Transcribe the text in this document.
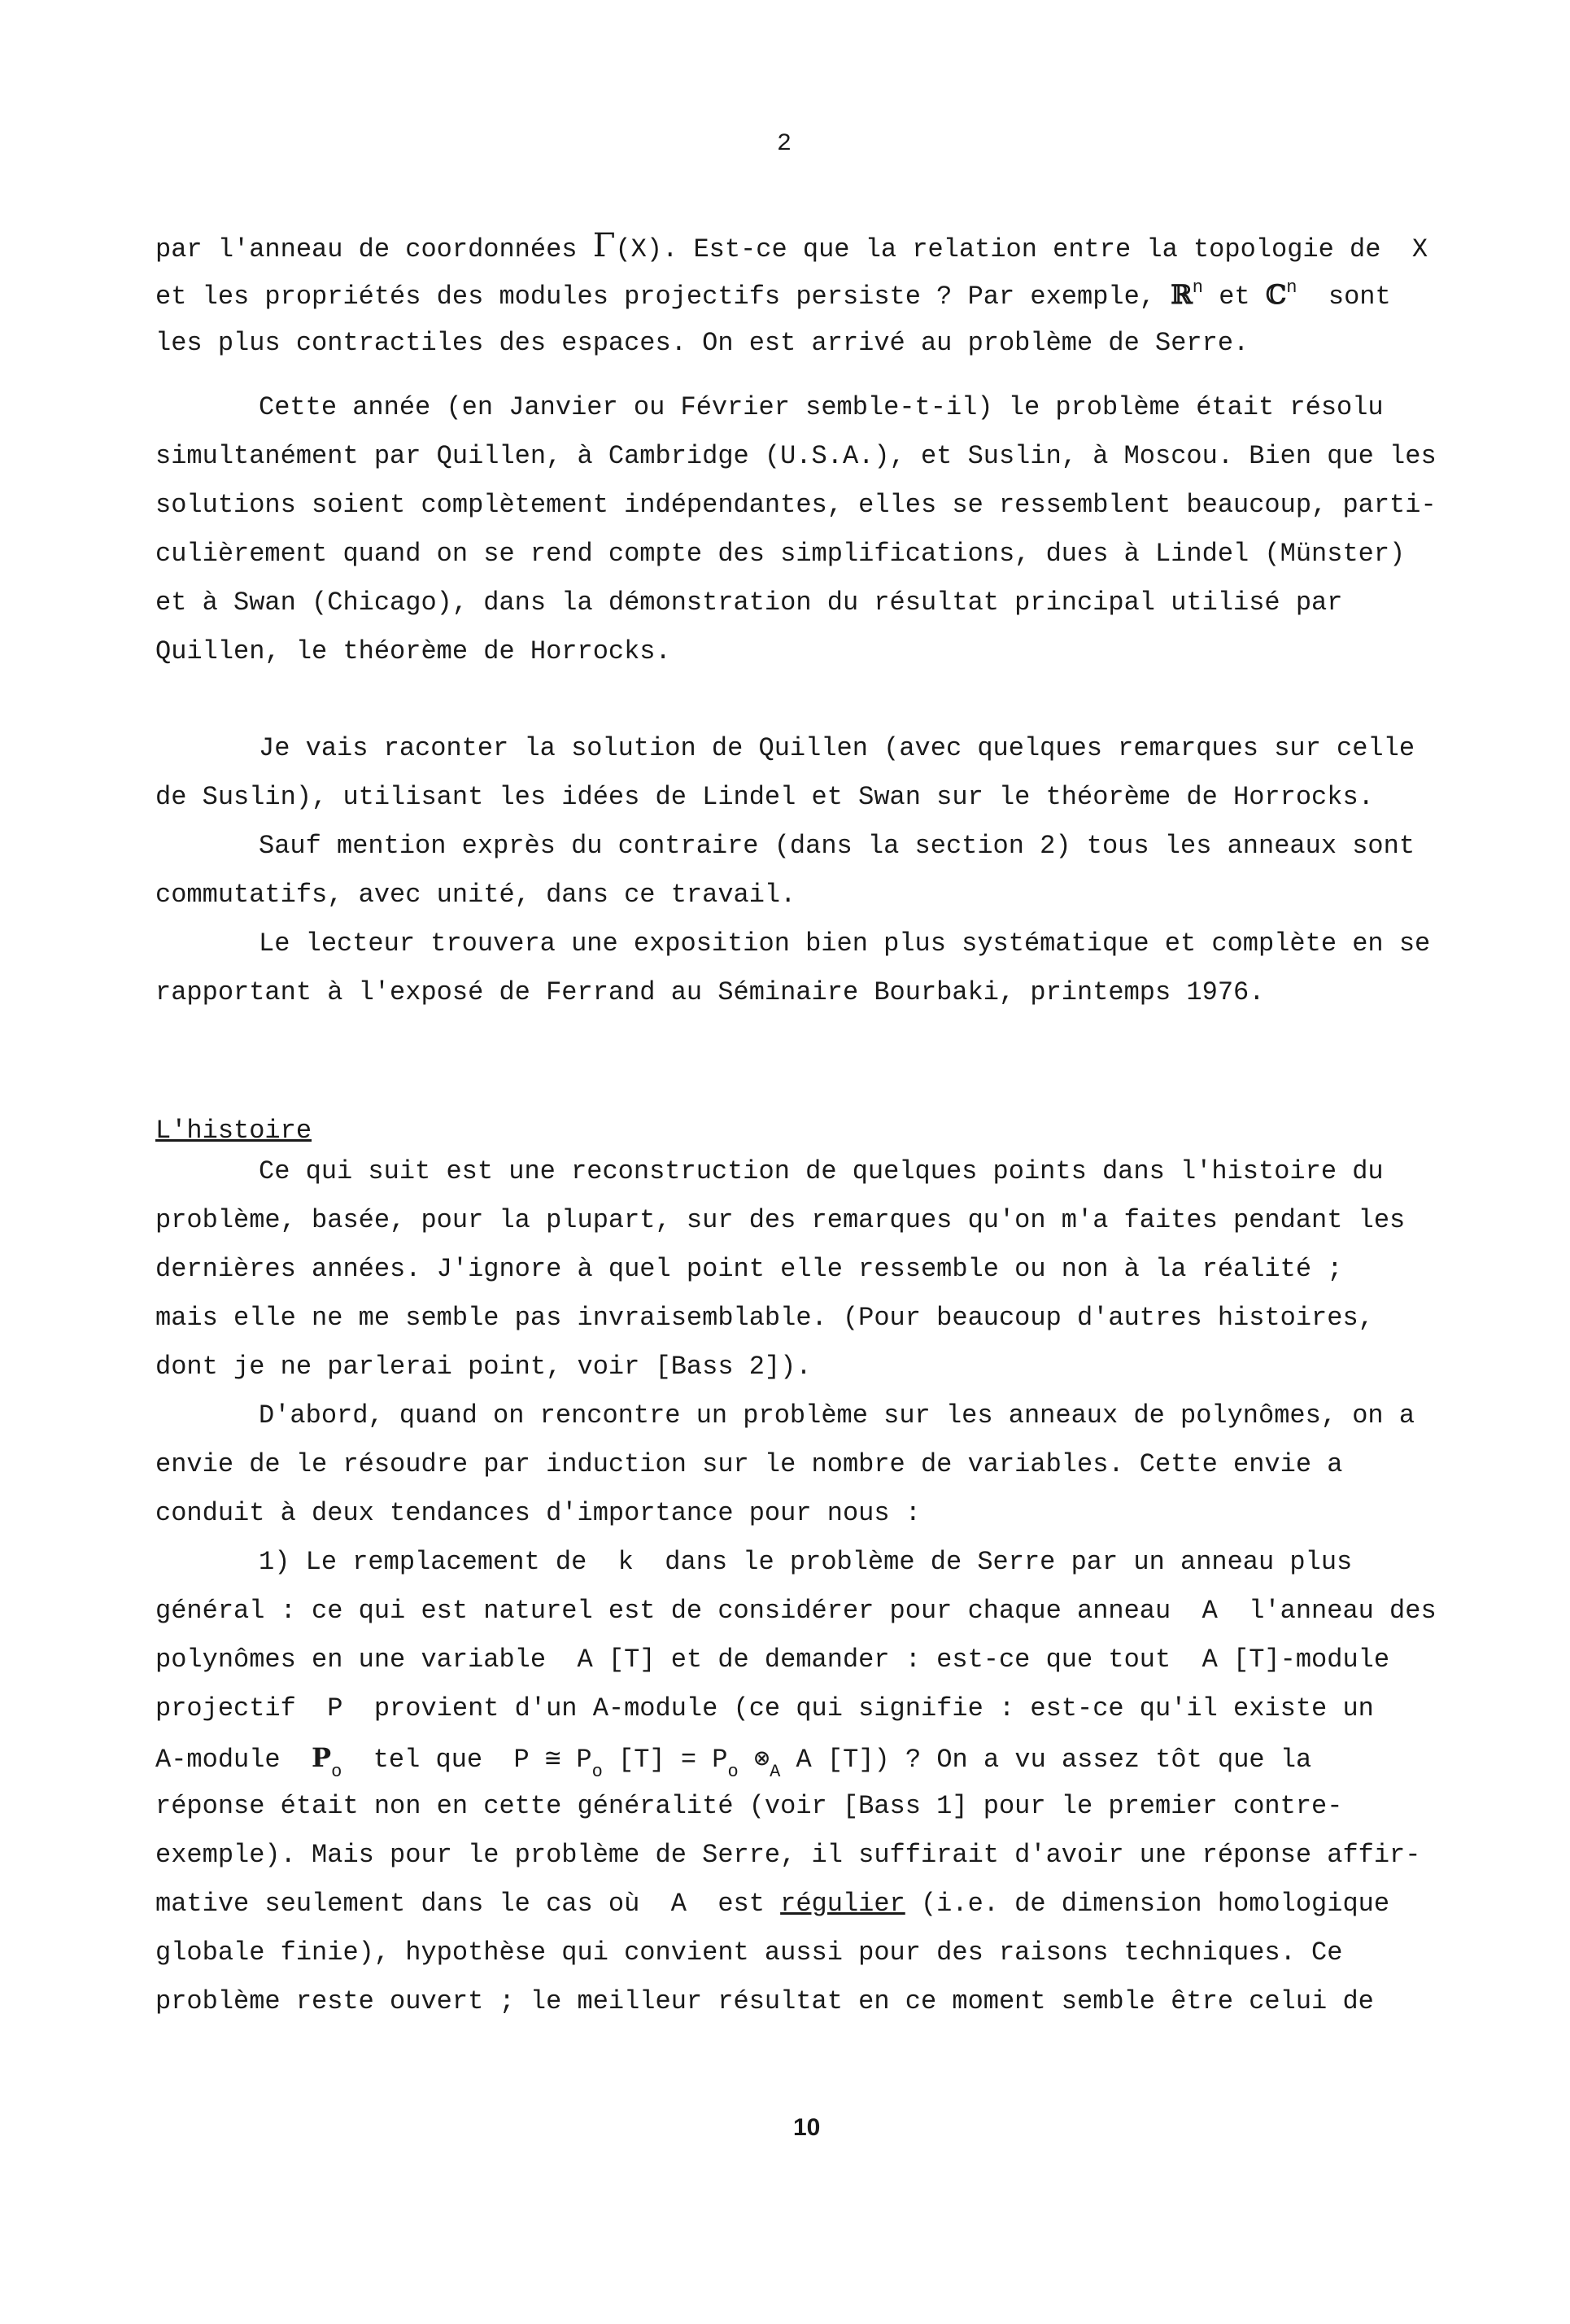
2
par l'anneau de coordonnées Γ(X). Est-ce que la relation entre la topologie de  X
et les propriétés des modules projectifs persiste ? Par exemple, ℝ$^n$ et ℂ$^n$  sont
les plus contractiles des espaces. On est arrivé au problème de Serre.
Cette année (en Janvier ou Février semble-t-il) le problème était résolu
simultanément par Quillen, à Cambridge (U.S.A.), et Suslin, à Moscou. Bien que les
solutions soient complètement indépendantes, elles se ressemblent beaucoup, parti-
culièrement quand on se rend compte des simplifications, dues à Lindel (Münster)
et à Swan (Chicago), dans la démonstration du résultat principal utilisé par
Quillen, le théorème de Horrocks.
Je vais raconter la solution de Quillen (avec quelques remarques sur celle
de Suslin), utilisant les idées de Lindel et Swan sur le théorème de Horrocks.
Sauf mention exprès du contraire (dans la section 2) tous les anneaux sont
commutatifs, avec unité, dans ce travail.
Le lecteur trouvera une exposition bien plus systématique et complète en se
rapportant à l'exposé de Ferrand au Séminaire Bourbaki, printemps 1976.
L'histoire
Ce qui suit est une reconstruction de quelques points dans l'histoire du
problème, basée, pour la plupart, sur des remarques qu'on m'a faites pendant les
dernières années. J'ignore à quel point elle ressemble ou non à la réalité ;
mais elle ne me semble pas invraisemblable. (Pour beaucoup d'autres histoires,
dont je ne parlerai point, voir [Bass 2]).
D'abord, quand on rencontre un problème sur les anneaux de polynômes, on a
envie de le résoudre par induction sur le nombre de variables. Cette envie a
conduit à deux tendances d'importance pour nous :
1) Le remplacement de  k  dans le problème de Serre par un anneau plus
général : ce qui est naturel est de considérer pour chaque anneau  A  l'anneau des
polynômes en une variable  A [T] et de demander : est-ce que tout  A [T]-module
projectif  P  provient d'un A-module (ce qui signifie : est-ce qu'il existe un
A-module  $P_o$  tel que  P ≅ $P_o$ $[T] = P_o$ $\otimes_A$ A [T]) ? On a vu assez tôt que la
réponse était non en cette généralité (voir [Bass 1] pour le premier contre-
exemple). Mais pour le problème de Serre, il suffirait d'avoir une réponse affir-
mative seulement dans le cas où  A  est régulier (i.e. de dimension homologique
globale finie), hypothèse qui convient aussi pour des raisons techniques. Ce
problème reste ouvert ; le meilleur résultat en ce moment semble être celui de
10
